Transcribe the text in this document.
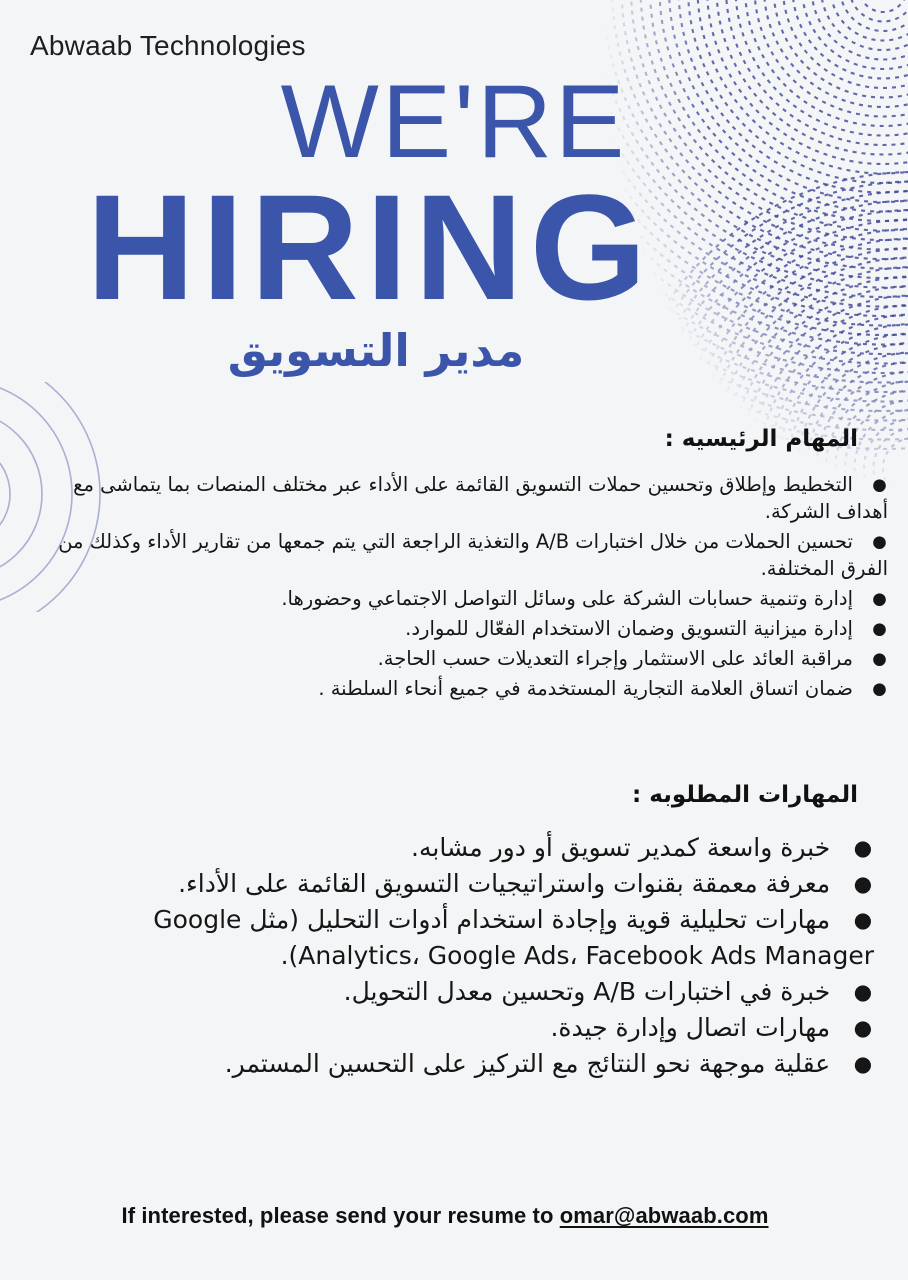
Abwaab Technologies
WE'RE
HIRING
مدير التسويق
المهام الرئيسيه :
●التخطيط وإطلاق وتحسين حملات التسويق القائمة على الأداء عبر مختلف المنصات بما يتماشى مع أهداف الشركة.
●تحسين الحملات من خلال اختبارات A/B والتغذية الراجعة التي يتم جمعها من تقارير الأداء وكذلك من الفرق المختلفة.
●إدارة وتنمية حسابات الشركة على وسائل التواصل الاجتماعي وحضورها.
●إدارة ميزانية التسويق وضمان الاستخدام الفعّال للموارد.
●مراقبة العائد على الاستثمار وإجراء التعديلات حسب الحاجة.
●ضمان اتساق العلامة التجارية المستخدمة في جميع أنحاء السلطنة .
المهارات المطلوبه :
●خبرة واسعة كمدير تسويق أو دور مشابه.
●معرفة معمقة بقنوات واستراتيجيات التسويق القائمة على الأداء.
●مهارات تحليلية قوية وإجادة استخدام أدوات التحليل (مثل Google Analytics، Google Ads، Facebook Ads Manager).
●خبرة في اختبارات A/B وتحسين معدل التحويل.
●مهارات اتصال وإدارة جيدة.
●عقلية موجهة نحو النتائج مع التركيز على التحسين المستمر.
If interested, please send your resume to omar@abwaab.com
